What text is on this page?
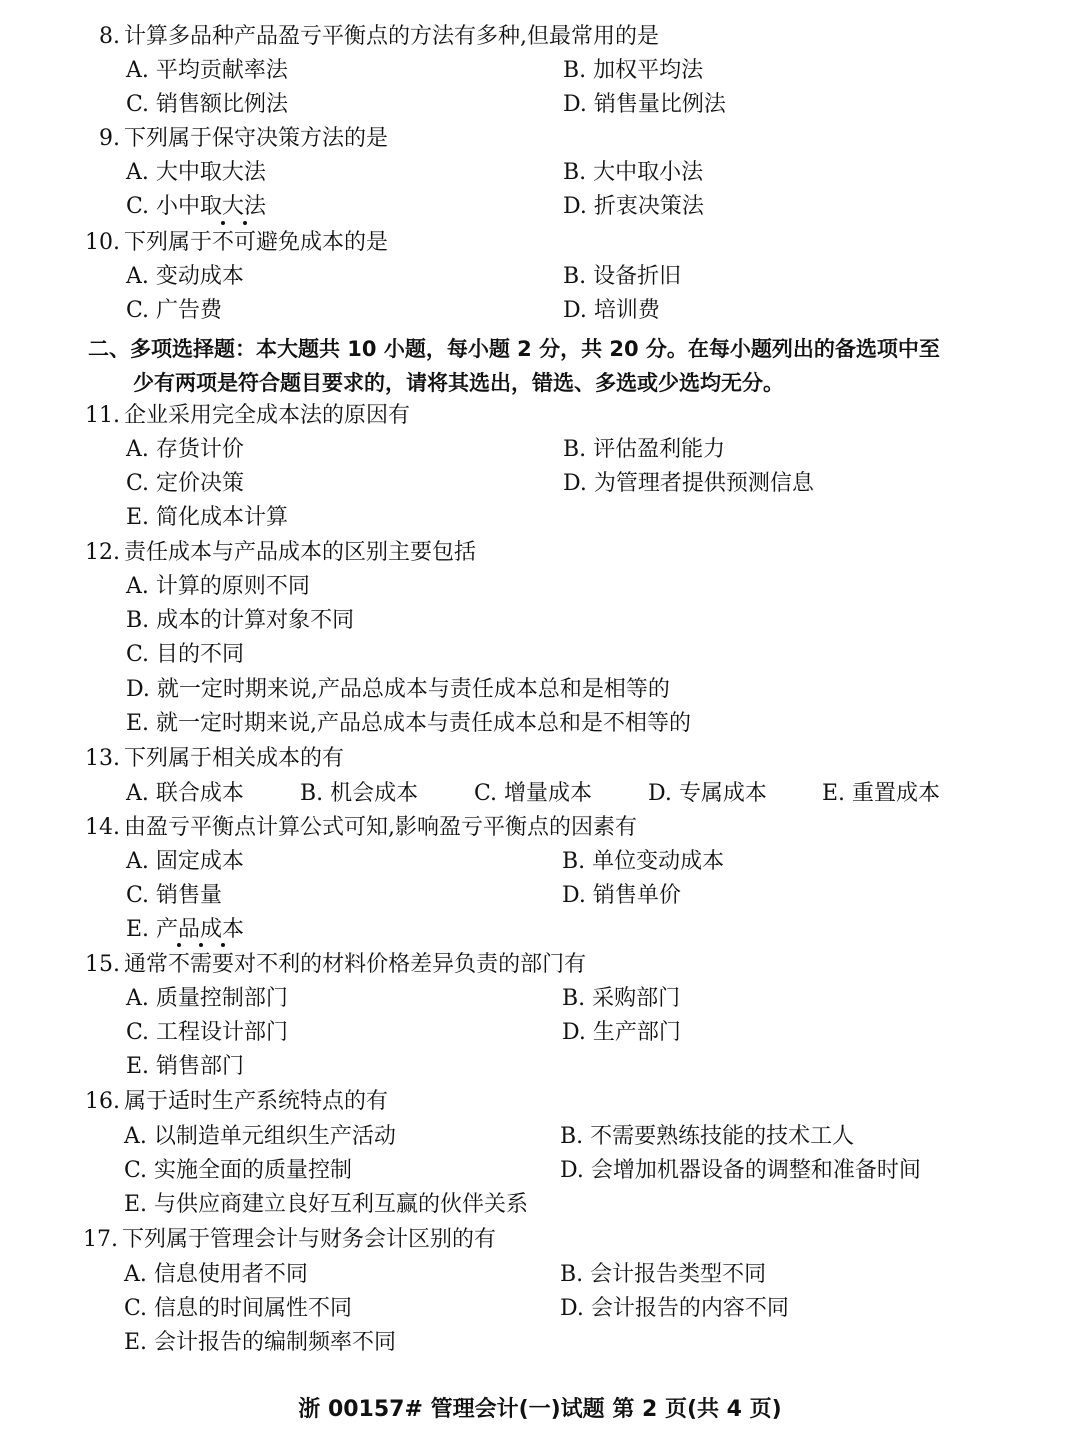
8. 计算多品种产品盈亏平衡点的方法有多种,但最常用的是
A. 平均贡献率法	B. 加权平均法
C. 销售额比例法	D. 销售量比例法
9. 下列属于保守决策方法的是
A. 大中取大法	B. 大中取小法
C. 小中取大法	D. 折衷决策法
10. 下列属于
不
可避免成本的是
A. 变动成本	B. 设备折旧
C. 广告费	D. 培训费
二、多项选择题：本大题共 10 小题，每小题 2 分，共 20 分。在每小题列出的备选项中至
少有两项是符合题目要求的，请将其选出，错选、多选或少选均无分。
11. 企业采用完全成本法的原因有
A. 存货计价	B. 评估盈利能力
C. 定价决策	D. 为管理者提供预测信息
E. 简化成本计算
12. 责任成本与产品成本的区别主要包括
A. 计算的原则不同
B. 成本的计算对象不同
C. 目的不同
D. 就一定时期来说,产品总成本与责任成本总和是相等的
E. 就一定时期来说,产品总成本与责任成本总和是不相等的
13. 下列属于相关成本的有
A. 联合成本	B. 机会成本	C. 增量成本	D. 专属成本	E. 重置成本
14. 由盈亏平衡点计算公式可知,影响盈亏平衡点的因素有
A. 固定成本	B. 单位变动成本
C. 销售量	D. 销售单价
E. 产品成本
15. 通常
不
需
要对不利的材料价格差异负责的部门有
A. 质量控制部门	B. 采购部门
C. 工程设计部门	D. 生产部门
E. 销售部门
16. 属于适时生产系统特点的有
A. 以制造单元组织生产活动	B. 不需要熟练技能的技术工人
C. 实施全面的质量控制	D. 会增加机器设备的调整和准备时间
E. 与供应商建立良好互利互赢的伙伴关系
17. 下列属于管理会计与财务会计区别的有
A. 信息使用者不同	B. 会计报告类型不同
C. 信息的时间属性不同	D. 会计报告的内容不同
E. 会计报告的编制频率不同
浙 00157# 管理会计(一)试题 第 2 页(共 4 页)
